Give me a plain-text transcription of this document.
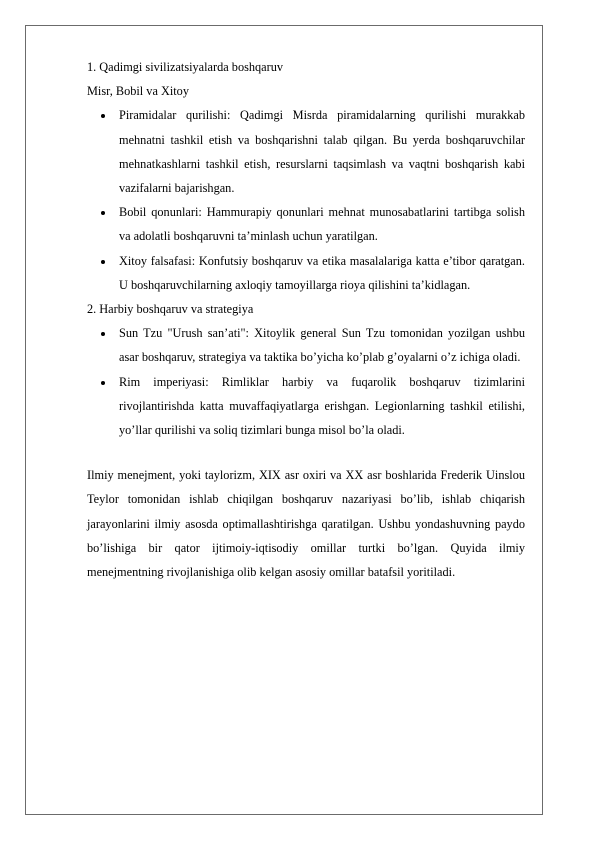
1. Qadimgi sivilizatsiyalarda boshqaruv

Misr, Bobil va Xitoy

Piramidalar qurilishi: Qadimgi Misrda piramidalarning qurilishi murakkab mehnatni tashkil etish va boshqarishni talab qilgan. Bu yerda boshqaruvchilar mehnatkashlarni tashkil etish, resurslarni taqsimlash va vaqtni boshqarish kabi vazifalarni bajarishgan.
Bobil qonunlari: Hammurapiy qonunlari mehnat munosabatlarini tartibga solish va adolatli boshqaruvni ta’minlash uchun yaratilgan.
Xitoy falsafasi: Konfutsiy boshqaruv va etika masalalariga katta e’tibor qaratgan. U boshqaruvchilarning axloqiy tamoyillarga rioya qilishini ta’kidlagan.

2. Harbiy boshqaruv va strategiya

Sun Tzu "Urush san’ati": Xitoylik general Sun Tzu tomonidan yozilgan ushbu asar boshqaruv, strategiya va taktika bo’yicha ko’plab g’oyalarni o’z ichiga oladi.
Rim imperiyasi: Rimliklar harbiy va fuqarolik boshqaruv tizimlarini rivojlantirishda katta muvaffaqiyatlarga erishgan. Legionlarning tashkil etilishi, yo’llar qurilishi va soliq tizimlari bunga misol bo’la oladi.

Ilmiy menejment, yoki taylorizm, XIX asr oxiri va XX asr boshlarida Frederik Uinslou Teylor tomonidan ishlab chiqilgan boshqaruv nazariyasi bo’lib, ishlab chiqarish jarayonlarini ilmiy asosda optimallashtirishga qaratilgan. Ushbu yondashuvning paydo bo’lishiga bir qator ijtimoiy-iqtisodiy omillar turtki bo’lgan. Quyida ilmiy menejmentning rivojlanishiga olib kelgan asosiy omillar batafsil yoritiladi.
